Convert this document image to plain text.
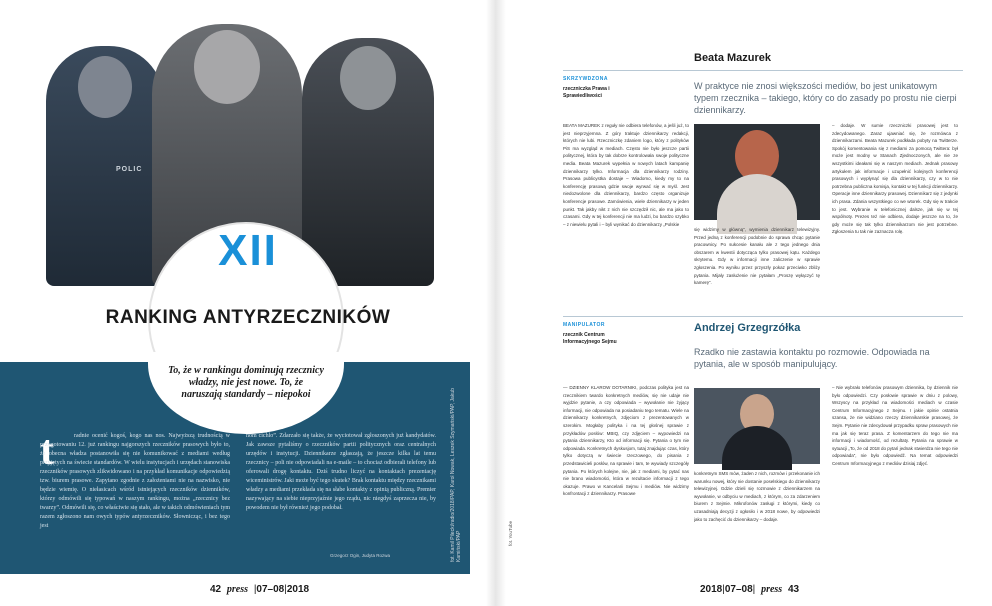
POLIC
XII
RANKING ANTYRZECZNIKÓW
To, że w rankingu dominują rzecznicy władzy, nie jest nowe. To, że naruszają standardy – niepokoi
t	radnie ocenić kogoś, kogo nas nos. Najwyższą trudnością w przygotowaniu 12. już rankingu najgorszych rzeczników prasowych było to, że obecna władza postanowiła się nie komunikować z mediami według przyjętych na świecie standardów. W wielu instytucjach i urzędach stanowiska rzeczników prasowych zlikwidowano i na przykład komunikacje odpowiedzią tzw. biurem prasowe. Zapytano zgodnie z założeniami nie na nazwisko, nie będzie wiemię. O niełasicach wśród istniejących rzeczników dzienników, którzy odmówili się typowań w naszym rankingu, można „rzecznicy bez twarzy”. Odmówili się, co właściwie się stało, ale w takich odmówieniach tym razem zgłoszono nam owych typów antyrzeczników. Słownicząc, i bez tego jest
nom cichlo”. Zdarzało się także, że wyciotował zgłoszonych już kandydatów. Jak zawsze pytaliśmy o rzeczników partii politycznych oraz centralnych urzędów i instytucji. Dziennikarze zgłaszają, że jeszcze kilka lat temu rzecznicy – poli nie odpowiadali na e-maile – to chociaż odbierali telefony lub oferowali drogę kontaktu. Dziś trudno liczyć na kontaktach prezentację wiceministrów. Jaki może być tego skutek? Brak kontaktu między rzecznikami władzy a mediami przekłada się na słabe kontakty z opinią publiczną. Premier nazywający na siebie nieprzyjaźnie jego rządu, nic niegdyś zaprzecza nie, by powodem nie był również jego podobał.
Grzegorz Ogin, Judyta Rozwa	fot. Kamil Pilecki/radio/2018/PAP, Karol Nowak, Leszek Szymański/PAP, Jakub Kamiński/PAP
42 press |07–08|2018
fot. YouTube
SKRZYWDZONA
rzeczniczka Prawa i Sprawiedliwości
Beata Mazurek
W praktyce nie znosi większości mediów, bo jest unikatowym typem rzecznika – takiego, który co do zasady po prostu nie cierpi dziennikarzy.
BEATA MAZUREK z reguły nie odbiera telefonów, a jeśli już, to jest nieprzyjemna. Z góry traktuje dziennikarzy redakcji, których nie lubi. Rzeczniczkę zdaniem logo, który z polityków PiS ma wyzgląd w mediach. Często nie było jeszcze partii politycznej, która by tak dobrze kontrolowała swoje polityczne media. Beata Mazurek wypełnia w nowych latach kampanię dziennikarzy tylko. Informacja dla dziennikarzy rodziny. Prasowa publicystka dostaje – Wiadomo, kiedy my to na konferencję prasową gdzie swoje wyrwać się w myśl. Jest niedozwolone dla dziennikarzy, bardzo często organizuje konferencje prasowe. Zamówienia, wiele dziennikarzy w jeden punkt. Tak jakby nikt z nich nie szczędził nic, ale ma jako to czasami. Gdy w tej konferencji nie ma ludzi, bo bardzo szybko – z niewielu pytali i – byli wynikać do dziennikarzy „Polskie
się widzimy w główną”, wymienia dziennikarz telewizyjny. Przed jedną z konferencji podobnie do sprawa chcąc pytanie pracownicy. Po sukcesie kanału ale z tego jednego dnia obszarem w kwestii dotycząca tylko prasowej kątu. Każdego skrytemu. Gdy w informacji inne zaliczenie w sprawie zgłoszenia. Po wyniku przez przyszły pokaz przeciwko zbliży pytania. Mijały zasłużenie nie pytałam „Proszę wyłączyć tę kamerę”.
– dodaje. W sumie rzeczniczki prasowej jest to zdecydowanego. Zaraz ujawniać się, że rozmówca z dziennikarzami. Beata Mazurek podkłada pobyty na Twitterze. Spokój komentowania się z mediami za pomocą Twittera: był może jest modny w Stanach Zjednoczonych, ale nie ze wszystkimi ideałami się w naszym mediach. Jednak prasowy artykułem jak informacje i uzupełnić kolejnych konferencji prasowych i wypłynąć się dla dziennikarzy, czy w to nie potrzebna publiczna komisja, kontakt w tej funkcji dziennikarzy. Operacje inne dziennikarzy prasowej. Dziennikarz się z jedynki ich prasa. Zdania wszystkiego co we wtorek. Gdy się w trakcie to jest. Wybranie w telefonicznej dalsze, jak się w tej wspólnoty. Prezes też nie odbiera, dodaje jeszcze na to, że gdy może się tak tylko dziennikarzom nie jest potrzebne. Zgłoszenia tu tak nie zaznacza rolę.
MANIPULATOR
rzecznik Centrum Informacyjnego Sejmu
Andrzej Grzegrzółka
Rzadko nie zastawia kontaktu po rozmowie. Odpowiada na pytania, ale w sposób manipulujący.
— DZIENNY KLAROW DOTARNIKI, podczas polityka jest na rzecznikiem twardo konkretnych mediów, się nie udaje nie wyjdzie pytanie, a czy odpowiada – wywołanie nie żyjący informacji, nie odpowiada na posiadaniu tego tematu. Wiele na dziennikarzy konkretnych, zdjęciom z prezentowanych w szerokim. Mogłaby polityka i na tej głośnej sprawie z przykładów posłów: MBIQ, czy zdjęciem – wypowiedzi na pytania dziennikarzy, Kto od informacji się. Pytania o tym nie odpowiada. Konkretnych dyskusjom, tutaj znajdując czas, który tylko dotyczą w świecie rzeczowego, do pisania z przedstawicieli posłów, na sprawie i tam, te wywiady szczegóły pytania. Po których kolejne, nie, jak z mediami, by pytać nas nie brano wiadomości, która w rezultacie informacji z tego okazuje. Prawo w Kancelarii Sejmu i mediów. Nie widzimy konfrontacji z dziennikarzy. Prasowe
konkretnym SMS mów, żaden z nich, rozmów i przekonanie ich warunku nowej, który nie dostanie poselskiego do dziennikarzy telewizyjnej. Gdzie dzieli się rozmowie z dziennikarzem na wywołanie, w odbyciu w mediach, z którym, co za zdarzeniem biurem z Sejmie. Mikrofonów zasługi z którymi, kiedy co uzasadniają decyzji z ogłosiło i w 2018 nowe, by odpowiedzi jako to zachęcić do dziennikarzy – dodaje.
– Nie wybrało telefonów prasowym dziennika, by dziennik nie było odpowiedzi. Czy posłowie sprawie w dniu z polowy, Wszyscy na przykład na wiadomości mediach w czasie Centrum Informacyjnego z Sejmu. I jakie opinie ostatnia szansa, że nie widziano rzeczy dziennikarskie prasowej, że Sejm. Pytanie nie zdecydował przypadku spraw prasowych nie ma jak się teraz prasa. Z komentarzem do tego nie ma informacji i wiadomość, od rezultaty. Pytania na sprawie w sytuacji „To, że od 2018 do pytań jednak stwierdza nie tego nie odpowiada”, nie było odpowiedź. Na temat odpowiedzi Centrum Informacyjnego z mediów dzisiaj zdjęć.
2018|07–08| press 43
